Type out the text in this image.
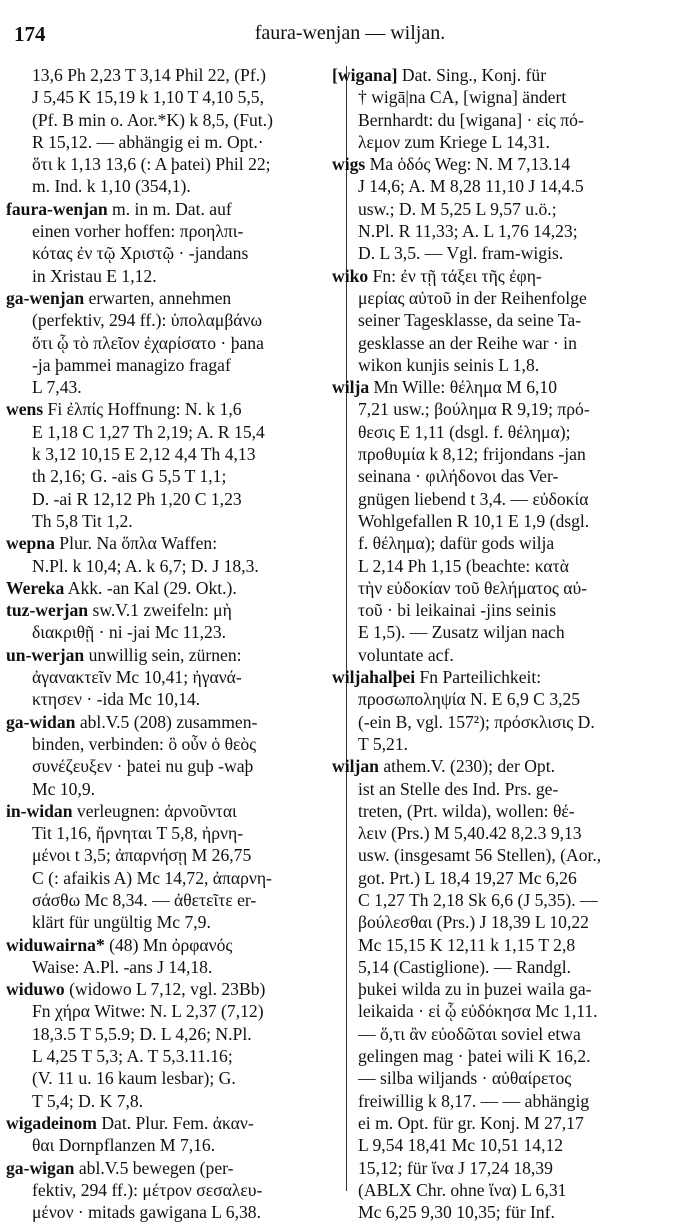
174	faura-wenjan — wiljan.
13,6 Ph 2,23 T 3,14 Phil 22, (Pf.)
J 5,45 K 15,19 k 1,10 T 4,10 5,5,
(Pf. B min o. Aor.*K) k 8,5, (Fut.)
R 15,12. — abhängig ei m. Opt.·
ὅτι k 1,13 13,6 (: A þatei) Phil 22;
m. Ind. k 1,10 (354,1).
faura-wenjan m. in m. Dat. auf
einen vorher hoffen: προηλπι-
κότας ἐν τῷ Χριστῷ · -jandans
in Xristau E 1,12.
ga-wenjan erwarten, annehmen
(perfektiv, 294 ff.): ὑπολαμβάνω
ὅτι ᾧ τὸ πλεῖον ἐχαρίσατο · þana
-ja þammei managizo fragaf
L 7,43.
wens Fi ἐλπίς Hoffnung: N. k 1,6
E 1,18 C 1,27 Th 2,19; A. R 15,4
k 3,12 10,15 E 2,12 4,4 Th 4,13
th 2,16; G. -ais G 5,5 T 1,1;
D. -ai R 12,12 Ph 1,20 C 1,23
Th 5,8 Tit 1,2.
wepna Plur. Na ὅπλα Waffen:
N.Pl. k 10,4; A. k 6,7; D. J 18,3.
Wereka Akk. -an Kal (29. Okt.).
tuz-werjan sw.V.1 zweifeln: μὴ
διακριθῇ · ni -jai Mc 11,23.
un-werjan unwillig sein, zürnen:
ἀγανακτεῖν Mc 10,41; ἠγανά-
κτησεν · -ida Mc 10,14.
ga-widan abl.V.5 (208) zusammen-
binden, verbinden: ὃ οὖν ὁ θεὸς
συνέζευξεν · þatei nu guþ -waþ
Mc 10,9.
in-widan verleugnen: ἀρνοῦνται
Tit 1,16, ἤρνηται T 5,8, ἠρνη-
μένοι t 3,5; ἀπαρνήσῃ M 26,75
C (: afaikis A) Mc 14,72, ἀπαρνη-
σάσθω Mc 8,34. — ἀθετεῖτε er-
klärt für ungültig Mc 7,9.
widuwairna* (48) Mn ὀρφανός
Waise: A.Pl. -ans J 14,18.
widuwo (widowo L 7,12, vgl. 23Bb)
Fn χήρα Witwe: N. L 2,37 (7,12)
18,3.5 T 5,5.9; D. L 4,26; N.Pl.
L 4,25 T 5,3; A. T 5,3.11.16;
(V. 11 u. 16 kaum lesbar); G.
T 5,4; D. K 7,8.
wigadeinom Dat. Plur. Fem. ἀκαν-
θαι Dornpflanzen M 7,16.
ga-wigan abl.V.5 bewegen (per-
fektiv, 294 ff.): μέτρον σεσαλευ-
μένον · mitads gawigana L 6,38.
[wigana] Dat. Sing., Konj. für
† wigā|na CA, [wigna] ändert
Bernhardt: du [wigana] · εἰς πό-
λεμον zum Kriege L 14,31.
wigs Ma ὁδός Weg: N. M 7,13.14
J 14,6; A. M 8,28 11,10 J 14,4.5
usw.; D. M 5,25 L 9,57 u.ö.;
N.Pl. R 11,33; A. L 1,76 14,23;
D. L 3,5. — Vgl. fram-wigis.
wiko Fn: ἐν τῇ τάξει τῆς ἐφη-
μερίας αὐτοῦ in der Reihenfolge
seiner Tagesklasse, da seine Ta-
gesklasse an der Reihe war · in
wikon kunjis seinis L 1,8.
wilja Mn Wille: θέλημα M 6,10
7,21 usw.; βούλημα R 9,19; πρό-
θεσις E 1,11 (dsgl. f. θέλημα);
προθυμία k 8,12; frijondans -jan
seinana · φιλήδονοι das Ver-
gnügen liebend t 3,4. — εὐδοκία
Wohlgefallen R 10,1 E 1,9 (dsgl.
f. θέλημα); dafür gods wilja
L 2,14 Ph 1,15 (beachte: κατὰ
τὴν εὐδοκίαν τοῦ θελήματος αὐ-
τοῦ · bi leikainai -jins seinis
E 1,5). — Zusatz wiljan nach
voluntate acf.
wiljahalþei Fn Parteilichkeit:
προσωποληψία N. E 6,9 C 3,25
(-ein B, vgl. 157²); πρόσκλισις D.
T 5,21.
wiljan athem.V. (230); der Opt.
ist an Stelle des Ind. Prs. ge-
treten, (Prt. wilda), wollen: θέ-
λειν (Prs.) M 5,40.42 8,2.3 9,13
usw. (insgesamt 56 Stellen), (Aor.,
got. Prt.) L 18,4 19,27 Mc 6,26
C 1,27 Th 2,18 Sk 6,6 (J 5,35). —
βούλεσθαι (Prs.) J 18,39 L 10,22
Mc 15,15 K 12,11 k 1,15 T 2,8
5,14 (Castiglione). — Randgl.
þukei wilda zu in þuzei waila ga-
leikaida · εἰ ᾧ εὐδόκησα Mc 1,11.
— ὅ,τι ἂν εὐοδῶται soviel etwa
gelingen mag · þatei wili K 16,2.
— silba wiljands · αὐθαίρετος
freiwillig k 8,17. — — abhängig
ei m. Opt. für gr. Konj. M 27,17
L 9,54 18,41 Mc 10,51 14,12
15,12; für ἵνα J 17,24 18,39
(ABLX Chr. ohne ἵνα) L 6,31
Mc 6,25 9,30 10,35; für Inf.
